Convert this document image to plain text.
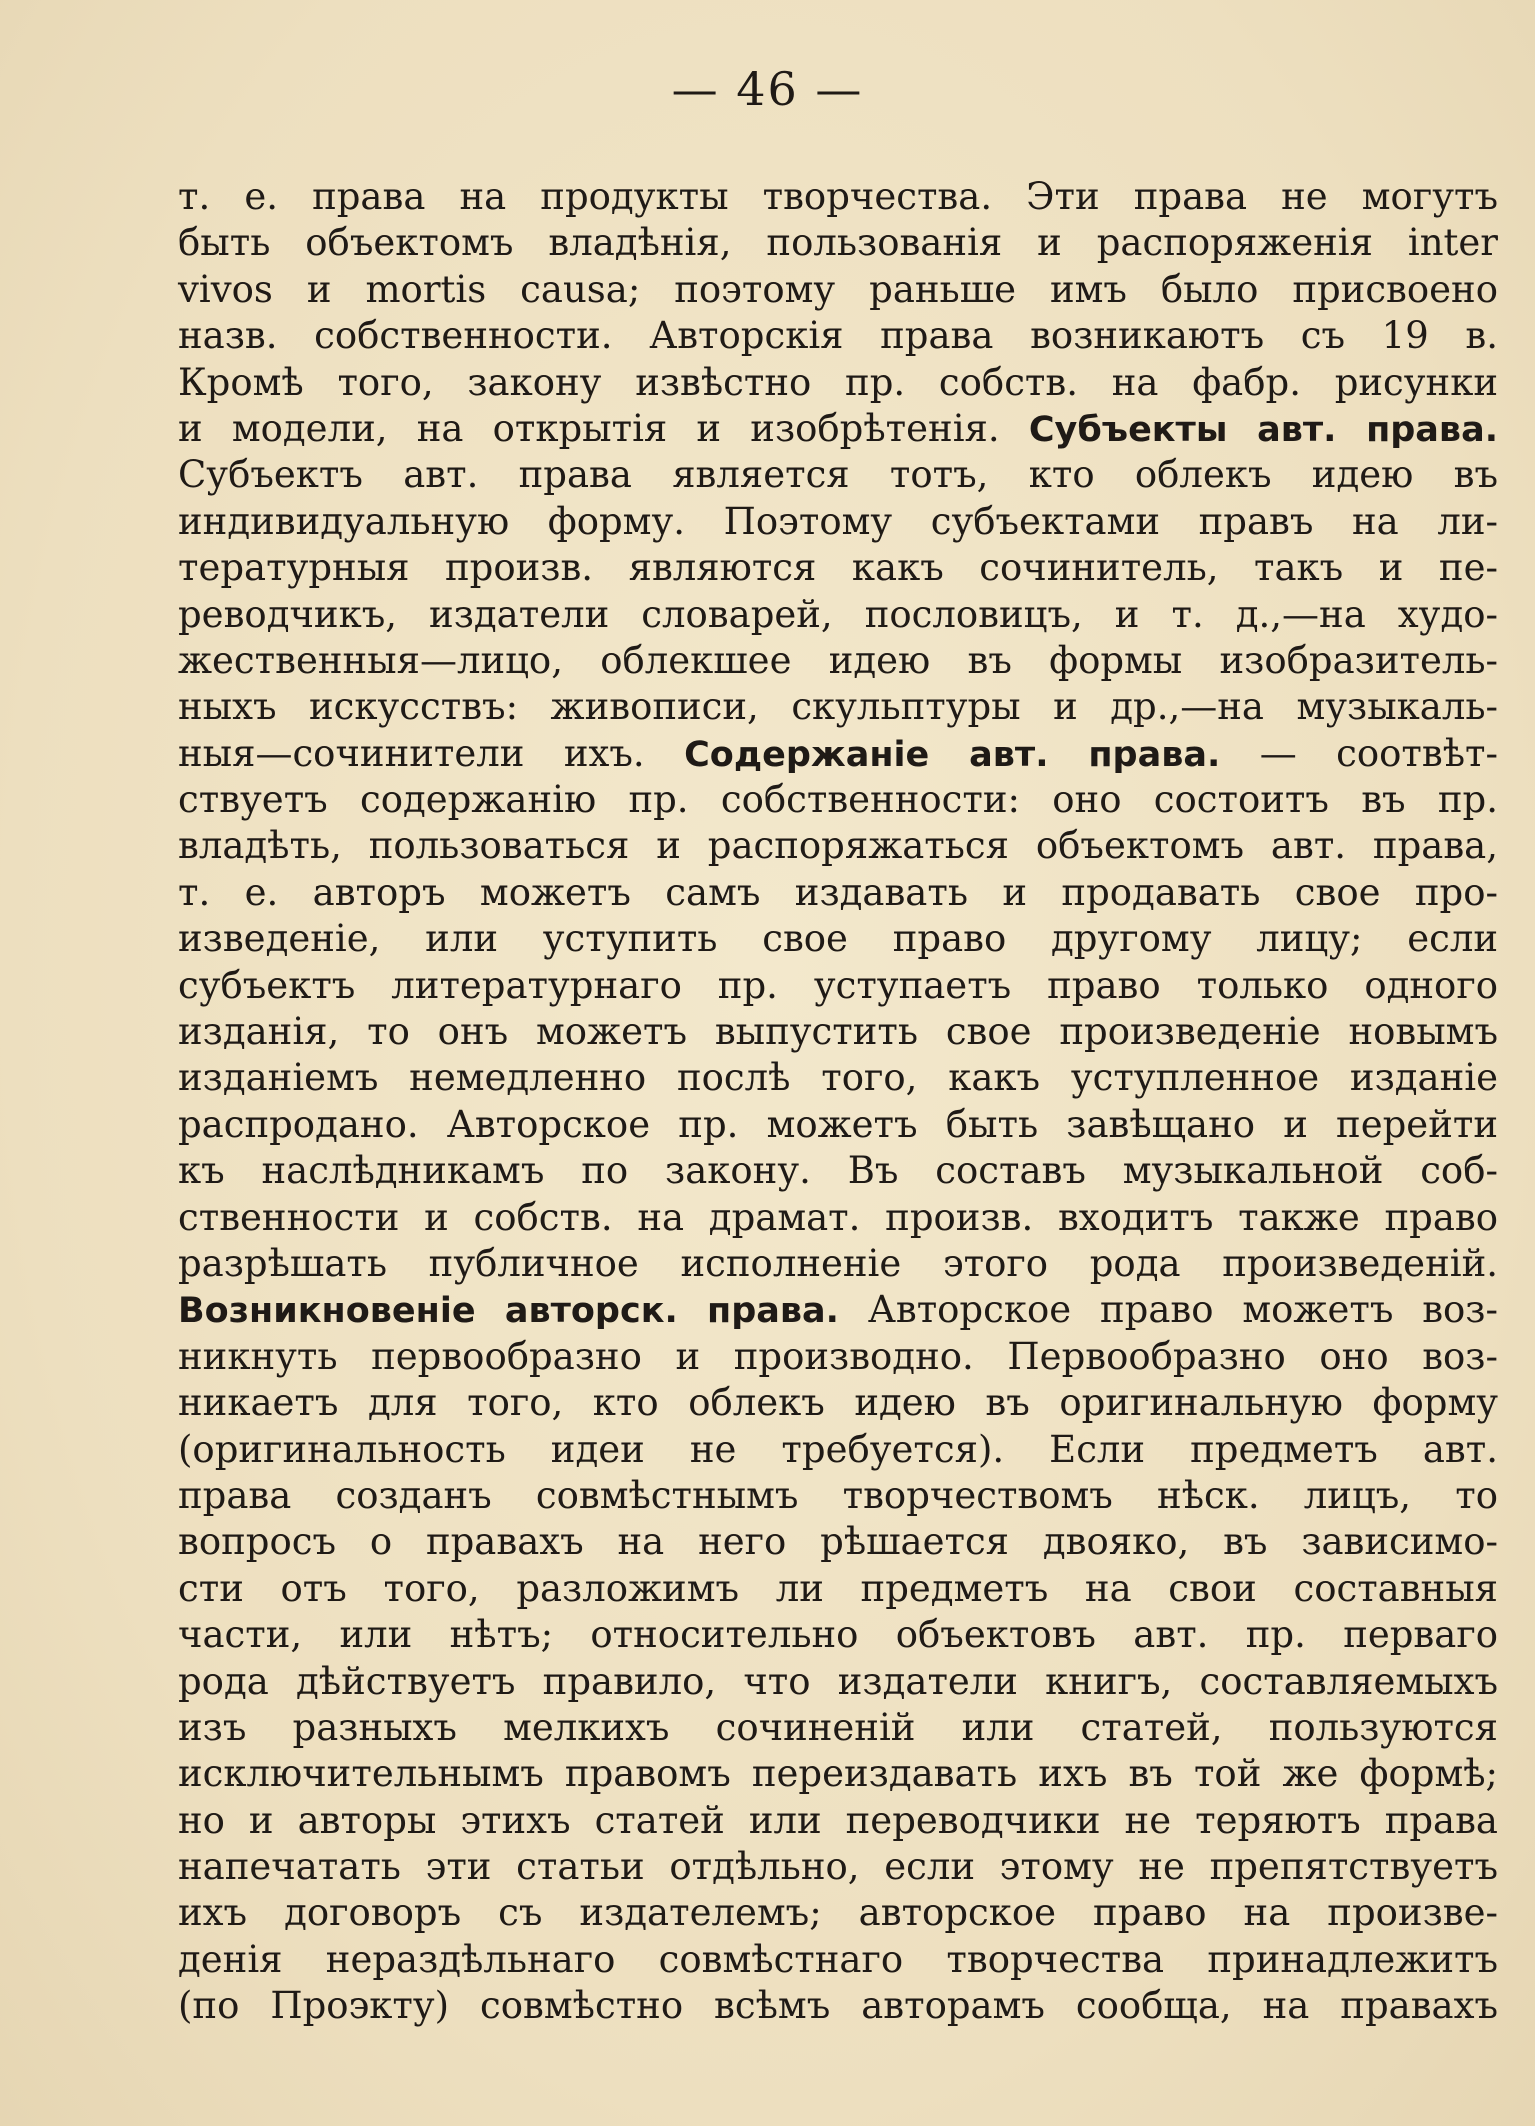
— 46 —
т. е. права на продукты творчества. Эти права не могутъ
быть объектомъ владѣнія, пользованія и распоряженія inter
vivos и mortis causa; поэтому раньше имъ было присвоено
назв. собственности. Авторскія права возникаютъ съ 19 в.
Кромѣ того, закону извѣстно пр. собств. на фабр. рисунки
и модели, на открытія и изобрѣтенія. Субъекты авт. права.
Субъектъ авт. права является тотъ, кто облекъ идею въ
индивидуальную форму. Поэтому субъектами правъ на ли-
тературныя произв. являются какъ сочинитель, такъ и пе-
реводчикъ, издатели словарей, пословицъ, и т. д.,—на худо-
жественныя—лицо, облекшее идею въ формы изобразитель-
ныхъ искусствъ: живописи, скульптуры и др.,—на музыкаль-
ныя—сочинители ихъ. Содержаніе авт. права. — соотвѣт-
ствуетъ содержанію пр. собственности: оно состоитъ въ пр.
владѣть, пользоваться и распоряжаться объектомъ авт. права,
т. е. авторъ можетъ самъ издавать и продавать свое про-
изведеніе, или уступить свое право другому лицу; если
субъектъ литературнаго пр. уступаетъ право только одного
изданія, то онъ можетъ выпустить свое произведеніе новымъ
изданіемъ немедленно послѣ того, какъ уступленное изданіе
распродано. Авторское пр. можетъ быть завѣщано и перейти
къ наслѣдникамъ по закону. Въ составъ музыкальной соб-
ственности и собств. на драмат. произв. входитъ также право
разрѣшать публичное исполненіе этого рода произведеній.
Возникновеніе авторск. права. Авторское право можетъ воз-
никнуть первообразно и производно. Первообразно оно воз-
никаетъ для того, кто облекъ идею въ оригинальную форму
(оригинальность идеи не требуется). Если предметъ авт.
права созданъ совмѣстнымъ творчествомъ нѣск. лицъ, то
вопросъ о правахъ на него рѣшается двояко, въ зависимо-
сти отъ того, разложимъ ли предметъ на свои составныя
части, или нѣтъ; относительно объектовъ авт. пр. перваго
рода дѣйствуетъ правило, что издатели книгъ, составляемыхъ
изъ разныхъ мелкихъ сочиненій или статей, пользуются
исключительнымъ правомъ переиздавать ихъ въ той же формѣ;
но и авторы этихъ статей или переводчики не теряютъ права
напечатать эти статьи отдѣльно, если этому не препятствуетъ
ихъ договоръ съ издателемъ; авторское право на произве-
денія нераздѣльнаго совмѣстнаго творчества принадлежитъ
(по Проэкту) совмѣстно всѣмъ авторамъ сообща, на правахъ
